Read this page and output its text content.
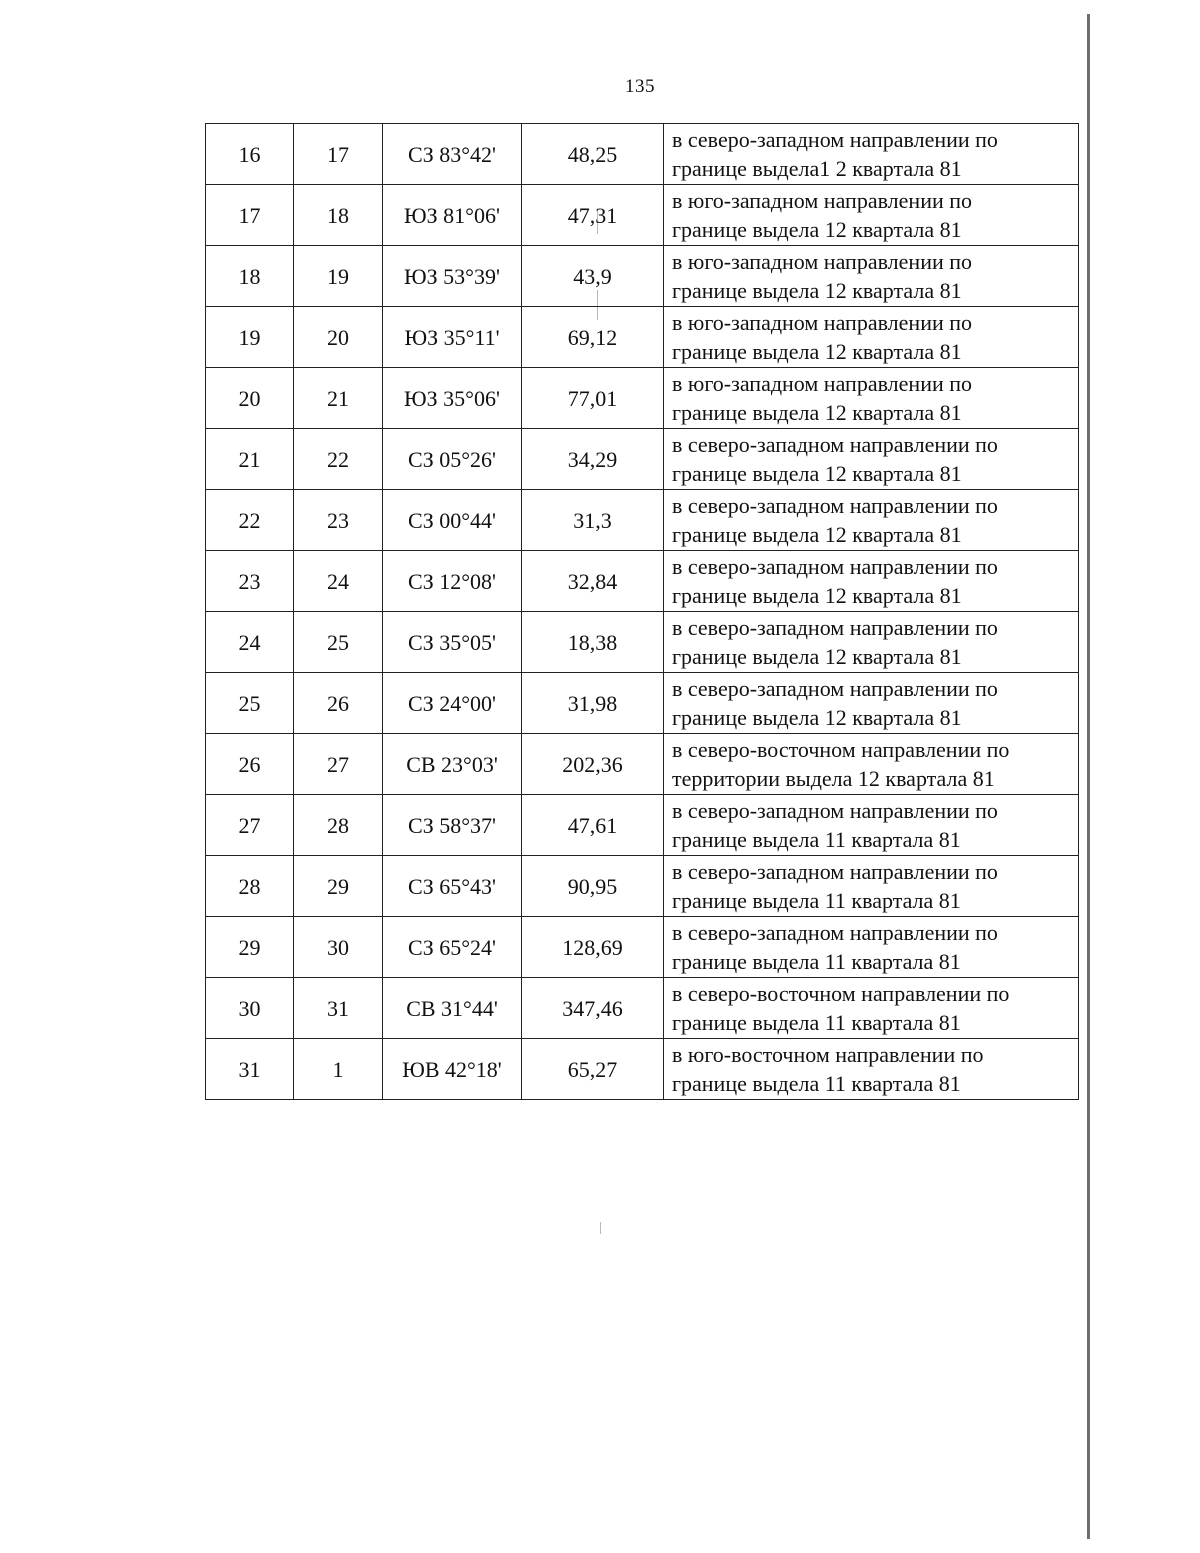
135
16	17	СЗ 83°42'	48,25	в северо-западном направлении по
границе выдела1 2 квартала 81

17	18	ЮЗ 81°06'	47,31	в юго-западном направлении по
границе выдела 12 квартала 81

18	19	ЮЗ 53°39'	43,9	в юго-западном направлении по
границе выдела 12 квартала 81

19	20	ЮЗ 35°11'	69,12	в юго-западном направлении по
границе выдела 12 квартала 81

20	21	ЮЗ 35°06'	77,01	в юго-западном направлении по
границе выдела 12 квартала 81

21	22	СЗ 05°26'	34,29	в северо-западном направлении по
границе выдела 12 квартала 81

22	23	СЗ 00°44'	31,3	в северо-западном направлении по
границе выдела 12 квартала 81

23	24	СЗ 12°08'	32,84	в северо-западном направлении по
границе выдела 12 квартала 81

24	25	СЗ 35°05'	18,38	в северо-западном направлении по
границе выдела 12 квартала 81

25	26	СЗ 24°00'	31,98	в северо-западном направлении по
границе выдела 12 квартала 81

26	27	СВ 23°03'	202,36	в северо-восточном направлении по
территории выдела 12 квартала 81

27	28	СЗ 58°37'	47,61	в северо-западном направлении по
границе выдела 11 квартала 81

28	29	СЗ 65°43'	90,95	в северо-западном направлении по
границе выдела 11 квартала 81

29	30	СЗ 65°24'	128,69	в северо-западном направлении по
границе выдела 11 квартала 81

30	31	СВ 31°44'	347,46	в северо-восточном направлении по
границе выдела 11 квартала 81

31	1	ЮВ 42°18'	65,27	в юго-восточном направлении по
границе выдела 11 квартала 81
